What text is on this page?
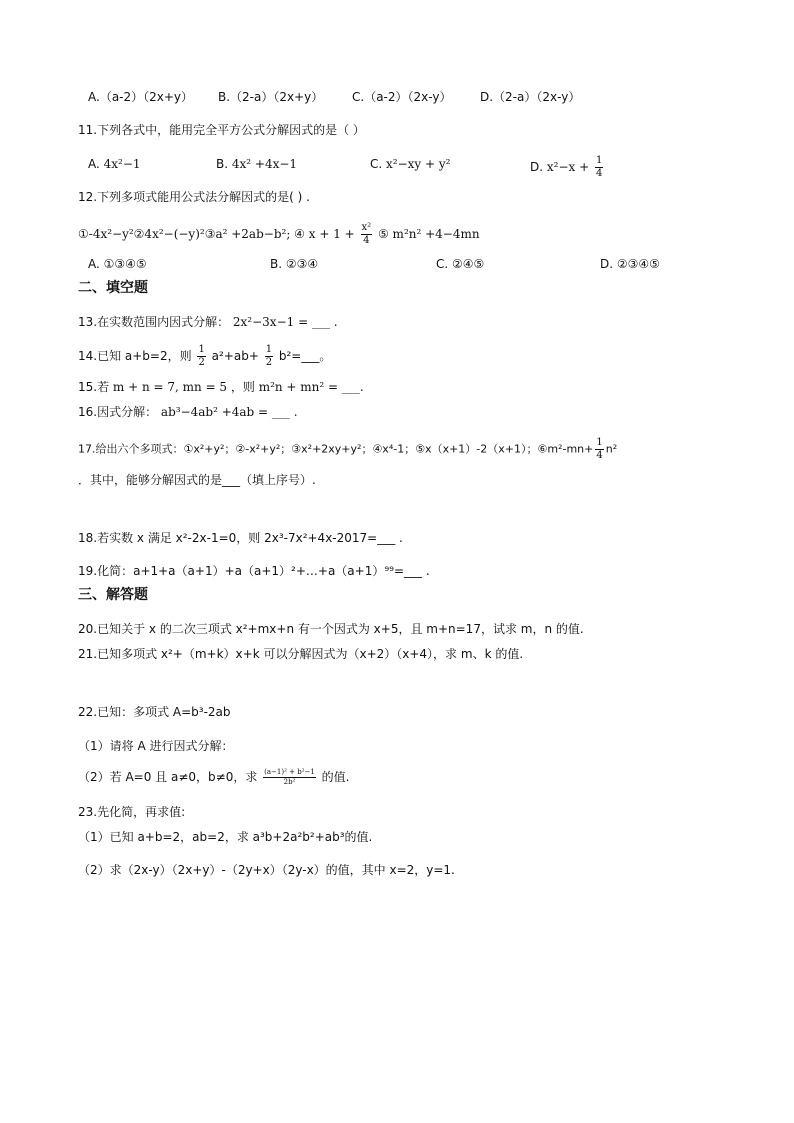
A.（a-2）（2x+y） B.（2-a）（2x+y） C.（a-2）（2x-y） D.（2-a）（2x-y）
11.下列各式中，能用完全平方公式分解因式的是（ ）
A. 4x²−1	B. 4x² +4x−1	C. x²−xy + y²	D. $x^2-x + \frac{1}{4}$
12.下列多项式能用公式法分解因式的是( ) .
①-4x²−y²②4x²−(−y)²③a² +2ab−b²; ④ $x + 1 + \frac{\text{x²}}{4}$ ⑤ m²n² +4−4mn
A. ①③④⑤	B. ②③④	C. ②④⑤	D. ②③④⑤
二、填空题
13.在实数范围内因式分解： 2x²−3x−1 = ___ .
14.已知 a+b=2，则 $\frac{1}{2} a^2+ab+ \frac{1}{2}$ b²=___。
15.若 m + n = 7, mn = 5 ，则 m²n + mn² = ___.
16.因式分解： ab³−4ab² +4ab = ___ .
17.给出六个多项式：①x²+y²；②-x²+y²；③x²+2xy+y²；④x⁴-1；⑤x（x+1）-2（x+1）；⑥m²-mn+ $\frac{1}{4} n^2$
．其中，能够分解因式的是___（填上序号）.
18.若实数 x 满足 x²-2x-1=0，则 2x³-7x²+4x-2017=___ .
19.化简：a+1+a（a+1）+a（a+1）²+…+a（a+1）⁹⁹=___ .
三、解答题
20.已知关于 x 的二次三项式 x²+mx+n 有一个因式为 x+5，且 m+n=17，试求 m，n 的值.
21.已知多项式 x²+（m+k）x+k 可以分解因式为（x+2）（x+4），求 m、k 的值.
22.已知：多项式 A=b³-2ab
（1）请将 A 进行因式分解：
（2）若 A=0 且 a≠0，b≠0，求 $\frac{\text{(a−1)² + b²−1}}{\text{2b²}}$ 的值.
23.先化简，再求值:
（1）已知 a+b=2，ab=2，求 a³b+2a²b²+ab³的值.
（2）求（2x-y）（2x+y）-（2y+x）（2y-x）的值，其中 x=2，y=1.
